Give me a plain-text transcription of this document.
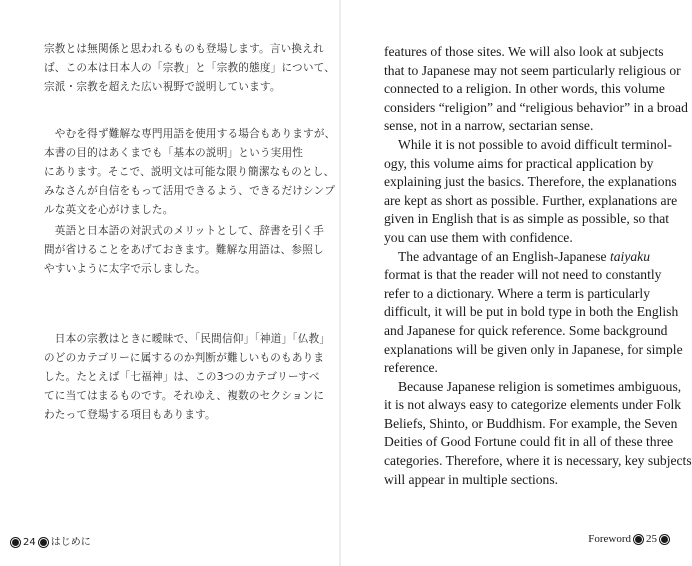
宗教とは無関係と思われるものも登場します。言い換えれ
ば、この本は日本人の「宗教」と「宗教的態度」について、
宗派・宗教を超えた広い視野で説明しています。
　やむを得ず難解な専門用語を使用する場合もありますが、
本書の目的はあくまでも「基本の説明」という実用性
にあります。そこで、説明文は可能な限り簡潔なものとし、
みなさんが自信をもって活用できるよう、できるだけシンプ
ルな英文を心がけました。
　英語と日本語の対訳式のメリットとして、辞書を引く手
間が省けることをあげておきます。難解な用語は、参照し
やすいように太字で示しました。
　日本の宗教はときに曖昧で、「民間信仰」「神道」「仏教」
のどのカテゴリーに属するのか判断が難しいものもありま
した。たとえば「七福神」は、この3つのカテゴリーすべ
てに当てはまるものです。それゆえ、複数のセクションに
わたって登場する項目もあります。
24 はじめに
features of those sites. We will also look at subjects
that to Japanese may not seem particularly religious or
connected to a religion. In other words, this volume
considers “religion” and “religious behavior” in a broad
sense, not in a narrow, sectarian sense.
While it is not possible to avoid difficult terminol-
ogy, this volume aims for practical application by
explaining just the basics. Therefore, the explanations
are kept as short as possible. Further, explanations are
given in English that is as simple as possible, so that
you can use them with confidence.
The advantage of an English-Japanese taiyaku
format is that the reader will not need to constantly
refer to a dictionary. Where a term is particularly
difficult, it will be put in bold type in both the English
and Japanese for quick reference. Some background
explanations will be given only in Japanese, for simple
reference.
Because Japanese religion is sometimes ambiguous,
it is not always easy to categorize elements under Folk
Beliefs, Shinto, or Buddhism. For example, the Seven
Deities of Good Fortune could fit in all of these three
categories. Therefore, where it is necessary, key subjects
will appear in multiple sections.
Foreword 25
